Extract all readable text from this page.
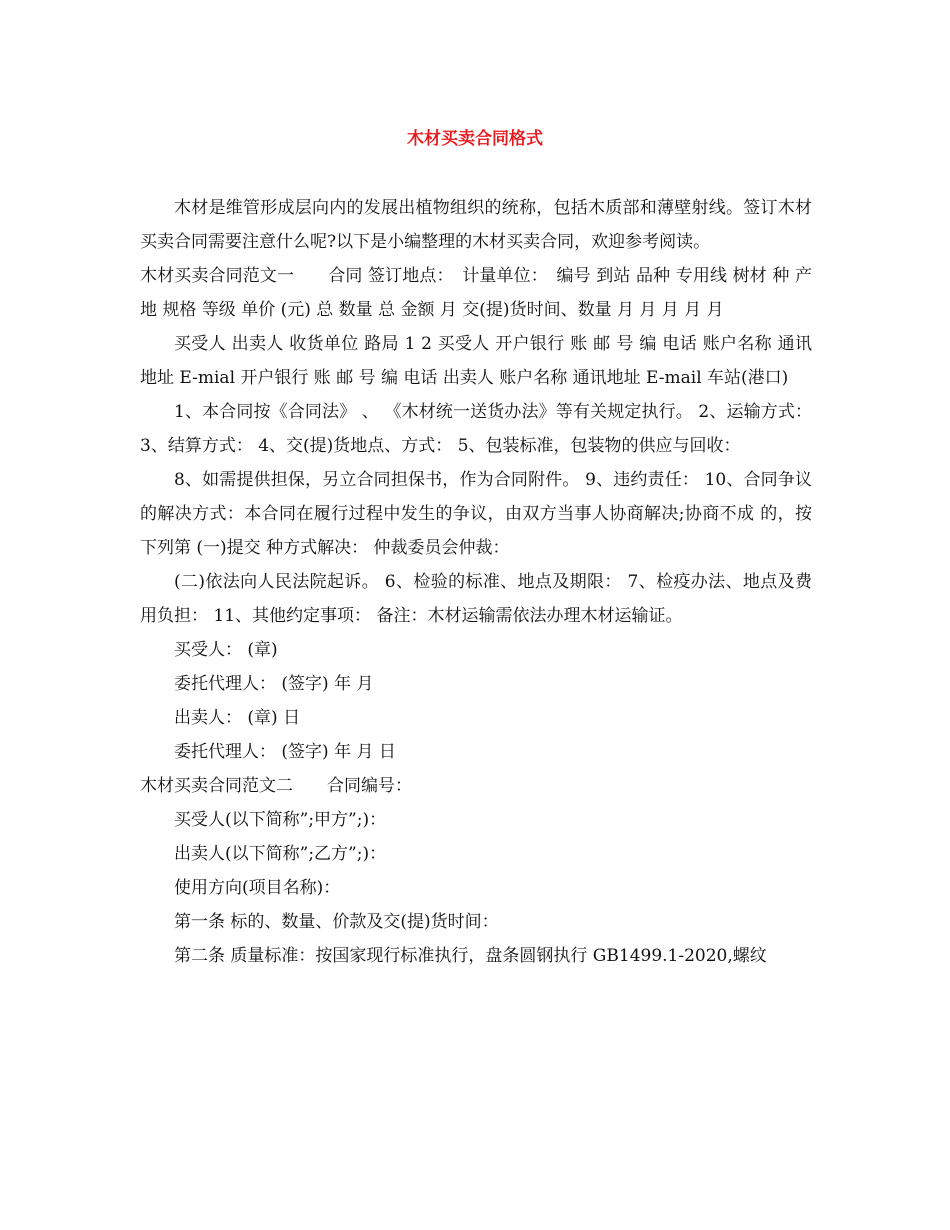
木材买卖合同格式

木材是维管形成层向内的发展出植物组织的统称，包括木质部和薄壁射线。签订木材买卖合同需要注意什么呢?以下是小编整理的木材买卖合同，欢迎参考阅读。

木材买卖合同范文一　　合同 签订地点：　计量单位：　编号 到站 品种 专用线 树材 种 产地 规格 等级 单价 (元) 总 数量 总 金额 月 交(提)货时间、数量 月 月 月 月 月

买受人 出卖人 收货单位 路局 1 2 买受人 开户银行 账 邮 号 编 电话 账户名称 通讯地址 E-mial 开户银行 账 邮 号 编 电话 出卖人 账户名称 通讯地址 E-mail 车站(港口)

1、本合同按《合同法》 、 《木材统一送货办法》等有关规定执行。 2、运输方式： 3、结算方式： 4、交(提)货地点、方式： 5、包装标准，包装物的供应与回收：

8、如需提供担保，另立合同担保书，作为合同附件。 9、违约责任： 10、合同争议的解决方式：本合同在履行过程中发生的争议，由双方当事人协商解决;协商不成 的，按下列第 (一)提交 种方式解决： 仲裁委员会仲裁：

(二)依法向人民法院起诉。 6、检验的标准、地点及期限： 7、检疫办法、地点及费用负担： 11、其他约定事项： 备注：木材运输需依法办理木材运输证。

买受人： (章)

委托代理人： (签字) 年 月

出卖人： (章) 日

委托代理人： (签字) 年 月 日

木材买卖合同范文二　　合同编号：

买受人(以下简称”;甲方”;)：

出卖人(以下简称”;乙方”;)：

使用方向(项目名称)：

第一条 标的、数量、价款及交(提)货时间：

第二条 质量标准：按国家现行标准执行，盘条圆钢执行 GB1499.1-2020,螺纹
